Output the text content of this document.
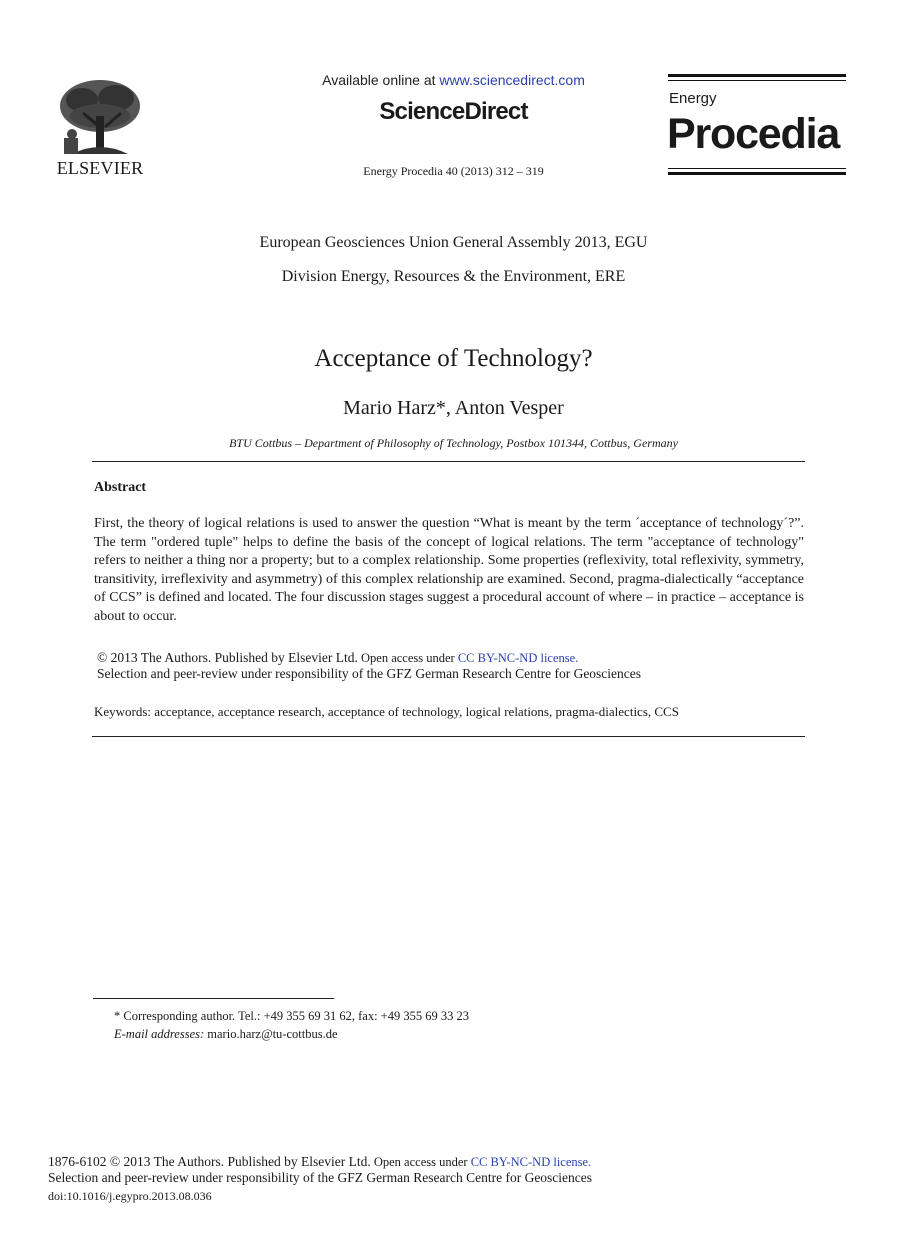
ELSEVIER
Available online at www.sciencedirect.com
ScienceDirect
Energy Procedia 40 (2013) 312 – 319
Energy
Procedia
European Geosciences Union General Assembly 2013, EGU
Division Energy, Resources & the Environment, ERE
Acceptance of Technology?
Mario Harz*, Anton Vesper
BTU Cottbus – Department of Philosophy of Technology, Postbox 101344, Cottbus, Germany
Abstract
First, the theory of logical relations is used to answer the question “What is meant by the term ´acceptance of technology´?”. The term "ordered tuple" helps to define the basis of the concept of logical relations. The term "acceptance of technology" refers to neither a thing nor a property; but to a complex relationship. Some properties (reflexivity, total reflexivity, symmetry, transitivity, irreflexivity and asymmetry) of this complex relationship are examined. Second, pragma-dialectically “acceptance of CCS” is defined and located. The four discussion stages suggest a procedural account of where – in practice – acceptance is about to occur.
© 2013 The Authors. Published by Elsevier Ltd. Open access under CC BY-NC-ND license.
Selection and peer-review under responsibility of the GFZ German Research Centre for Geosciences
Keywords: acceptance, acceptance research, acceptance of technology, logical relations, pragma-dialectics, CCS
* Corresponding author. Tel.: +49 355 69 31 62, fax: +49 355 69 33 23
E-mail addresses: mario.harz@tu-cottbus.de
1876-6102 © 2013 The Authors. Published by Elsevier Ltd. Open access under CC BY-NC-ND license.
Selection and peer-review under responsibility of the GFZ German Research Centre for Geosciences
doi:10.1016/j.egypro.2013.08.036
